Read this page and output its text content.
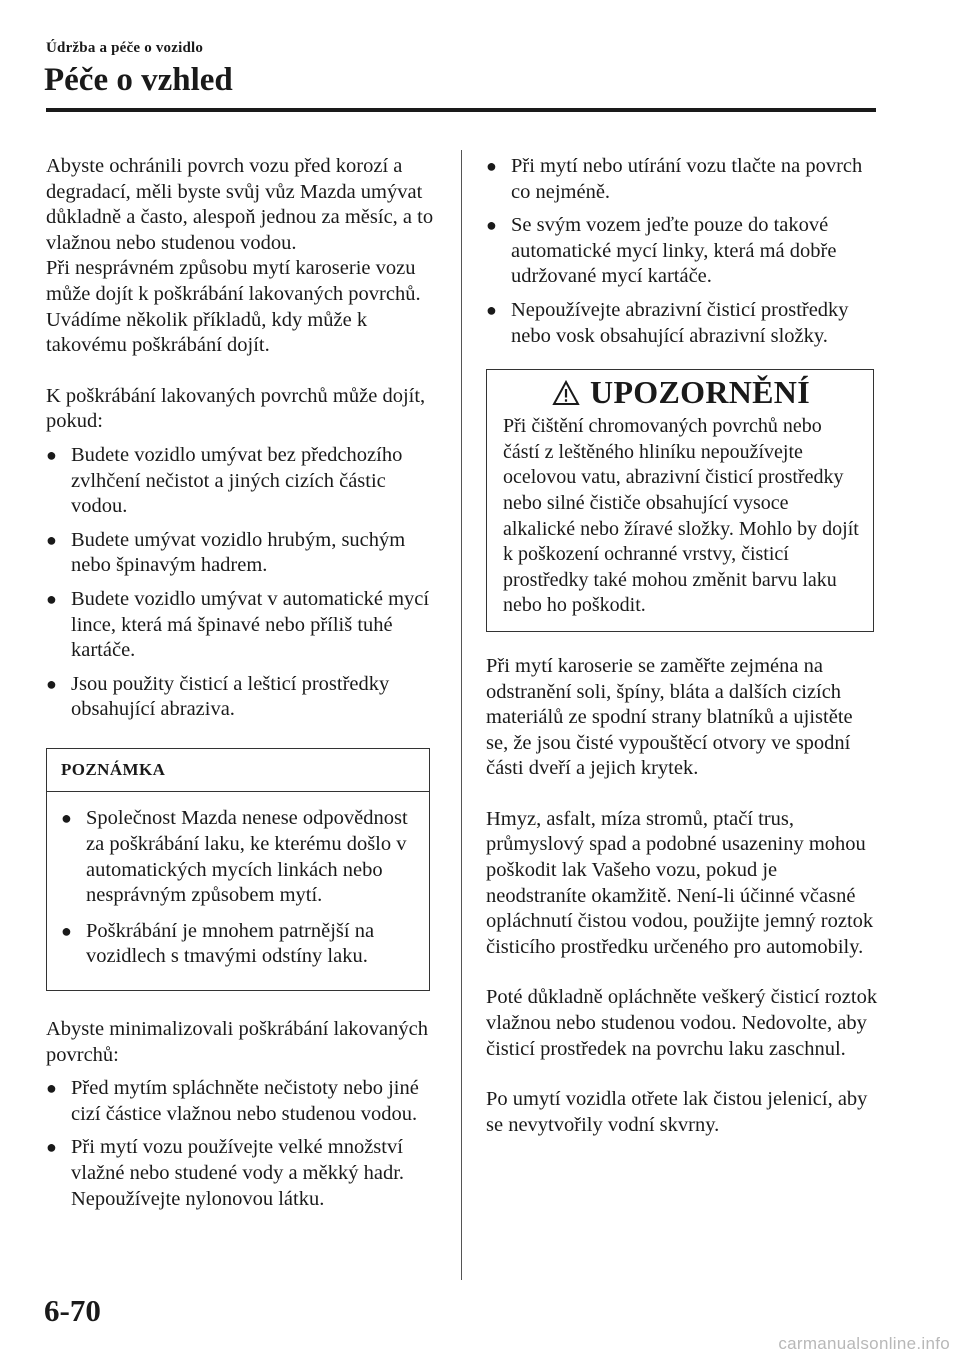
Údržba a péče o vozidlo
Péče o vzhled

Abyste ochránili povrch vozu před korozí a degradací, měli byste svůj vůz Mazda umývat důkladně a často, alespoň jednou za měsíc, a to vlažnou nebo studenou vodou.

Při nesprávném způsobu mytí karoserie vozu může dojít k poškrábání lakovaných povrchů. Uvádíme několik příkladů, kdy může k takovému poškrábání dojít.

K poškrábání lakovaných povrchů může dojít, pokud:

● Budete vozidlo umývat bez předchozího zvlhčení nečistot a jiných cizích částic vodou.
● Budete umývat vozidlo hrubým, suchým nebo špinavým hadrem.
● Budete vozidlo umývat v automatické mycí lince, která má špinavé nebo příliš tuhé kartáče.
● Jsou použity čisticí a lešticí prostředky obsahující abraziva.
POZNÁMKA
● Společnost Mazda nenese odpovědnost za poškrábání laku, ke kterému došlo v automatických mycích linkách nebo nesprávným způsobem mytí.
● Poškrábání je mnohem patrnější na vozidlech s tmavými odstíny laku.

Abyste minimalizovali poškrábání lakovaných povrchů:

● Před mytím spláchněte nečistoty nebo jiné cizí částice vlažnou nebo studenou vodou.
● Při mytí vozu používejte velké množství vlažné nebo studené vody a měkký hadr. Nepoužívejte nylonovou látku.
● Při mytí nebo utírání vozu tlačte na povrch co nejméně.
● Se svým vozem jeďte pouze do takové automatické mycí linky, která má dobře udržované mycí kartáče.
● Nepoužívejte abrazivní čisticí prostředky nebo vosk obsahující abrazivní složky.
UPOZORNĚNÍ
Při čištění chromovaných povrchů nebo částí z leštěného hliníku nepoužívejte ocelovou vatu, abrazivní čisticí prostředky nebo silné čističe obsahující vysoce alkalické nebo žíravé složky. Mohlo by dojít k poškození ochranné vrstvy, čisticí prostředky také mohou změnit barvu laku nebo ho poškodit.

Při mytí karoserie se zaměřte zejména na odstranění soli, špíny, bláta a dalších cizích materiálů ze spodní strany blatníků a ujistěte se, že jsou čisté vypouštěcí otvory ve spodní části dveří a jejich krytek.

Hmyz, asfalt, míza stromů, ptačí trus, průmyslový spad a podobné usazeniny mohou poškodit lak Vašeho vozu, pokud je neodstraníte okamžitě. Není-li účinné včasné opláchnutí čistou vodou, použijte jemný roztok čisticího prostředku určeného pro automobily.

Poté důkladně opláchněte veškerý čisticí roztok vlažnou nebo studenou vodou. Nedovolte, aby čisticí prostředek na povrchu laku zaschnul.

Po umytí vozidla otřete lak čistou jelenicí, aby se nevytvořily vodní skvrny.

6-70
carmanualsonline.info
